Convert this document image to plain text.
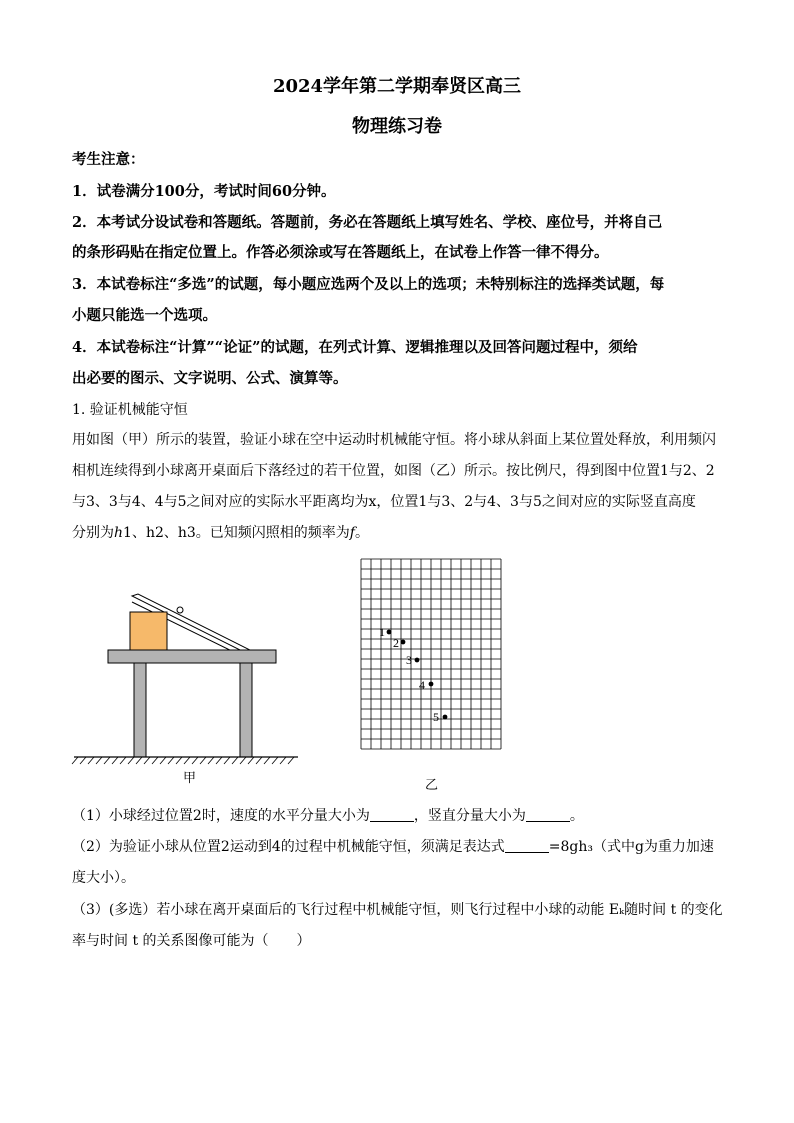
2024学年第二学期奉贤区高三
物理练习卷
考生注意：
1．试卷满分100分，考试时间60分钟。
2．本考试分设试卷和答题纸。答题前，务必在答题纸上填写姓名、学校、座位号，并将自己
的条形码贴在指定位置上。作答必须涂或写在答题纸上，在试卷上作答一律不得分。
3．本试卷标注“多选”的试题，每小题应选两个及以上的选项；未特别标注的选择类试题，每
小题只能选一个选项。
4．本试卷标注“计算”“论证”的试题，在列式计算、逻辑推理以及回答问题过程中，须给
出必要的图示、文字说明、公式、演算等。
1. 验证机械能守恒
用如图（甲）所示的装置，验证小球在空中运动时机械能守恒。将小球从斜面上某位置处释放，利用频闪
相机连续得到小球离开桌面后下落经过的若干位置，如图（乙）所示。按比例尺，得到图中位置1与2、2
与3、3与4、4与5之间对应的实际水平距离均为x，位置1与3、2与4、3与5之间对应的实际竖直高度
分别为h1、h2、h3。已知频闪照相的频率为f。
甲
1
2
3
4
5
乙
（1）小球经过位置2时，速度的水平分量大小为	，竖直分量大小为	。
（2）为验证小球从位置2运动到4的过程中机械能守恒，须满足表达式	=8gh₃（式中g为重力加速
度大小）。
（3）(多选）若小球在离开桌面后的飞行过程中机械能守恒，则飞行过程中小球的动能 Eₖ随时间 t 的变化
率与时间 t 的关系图像可能为（　　）
